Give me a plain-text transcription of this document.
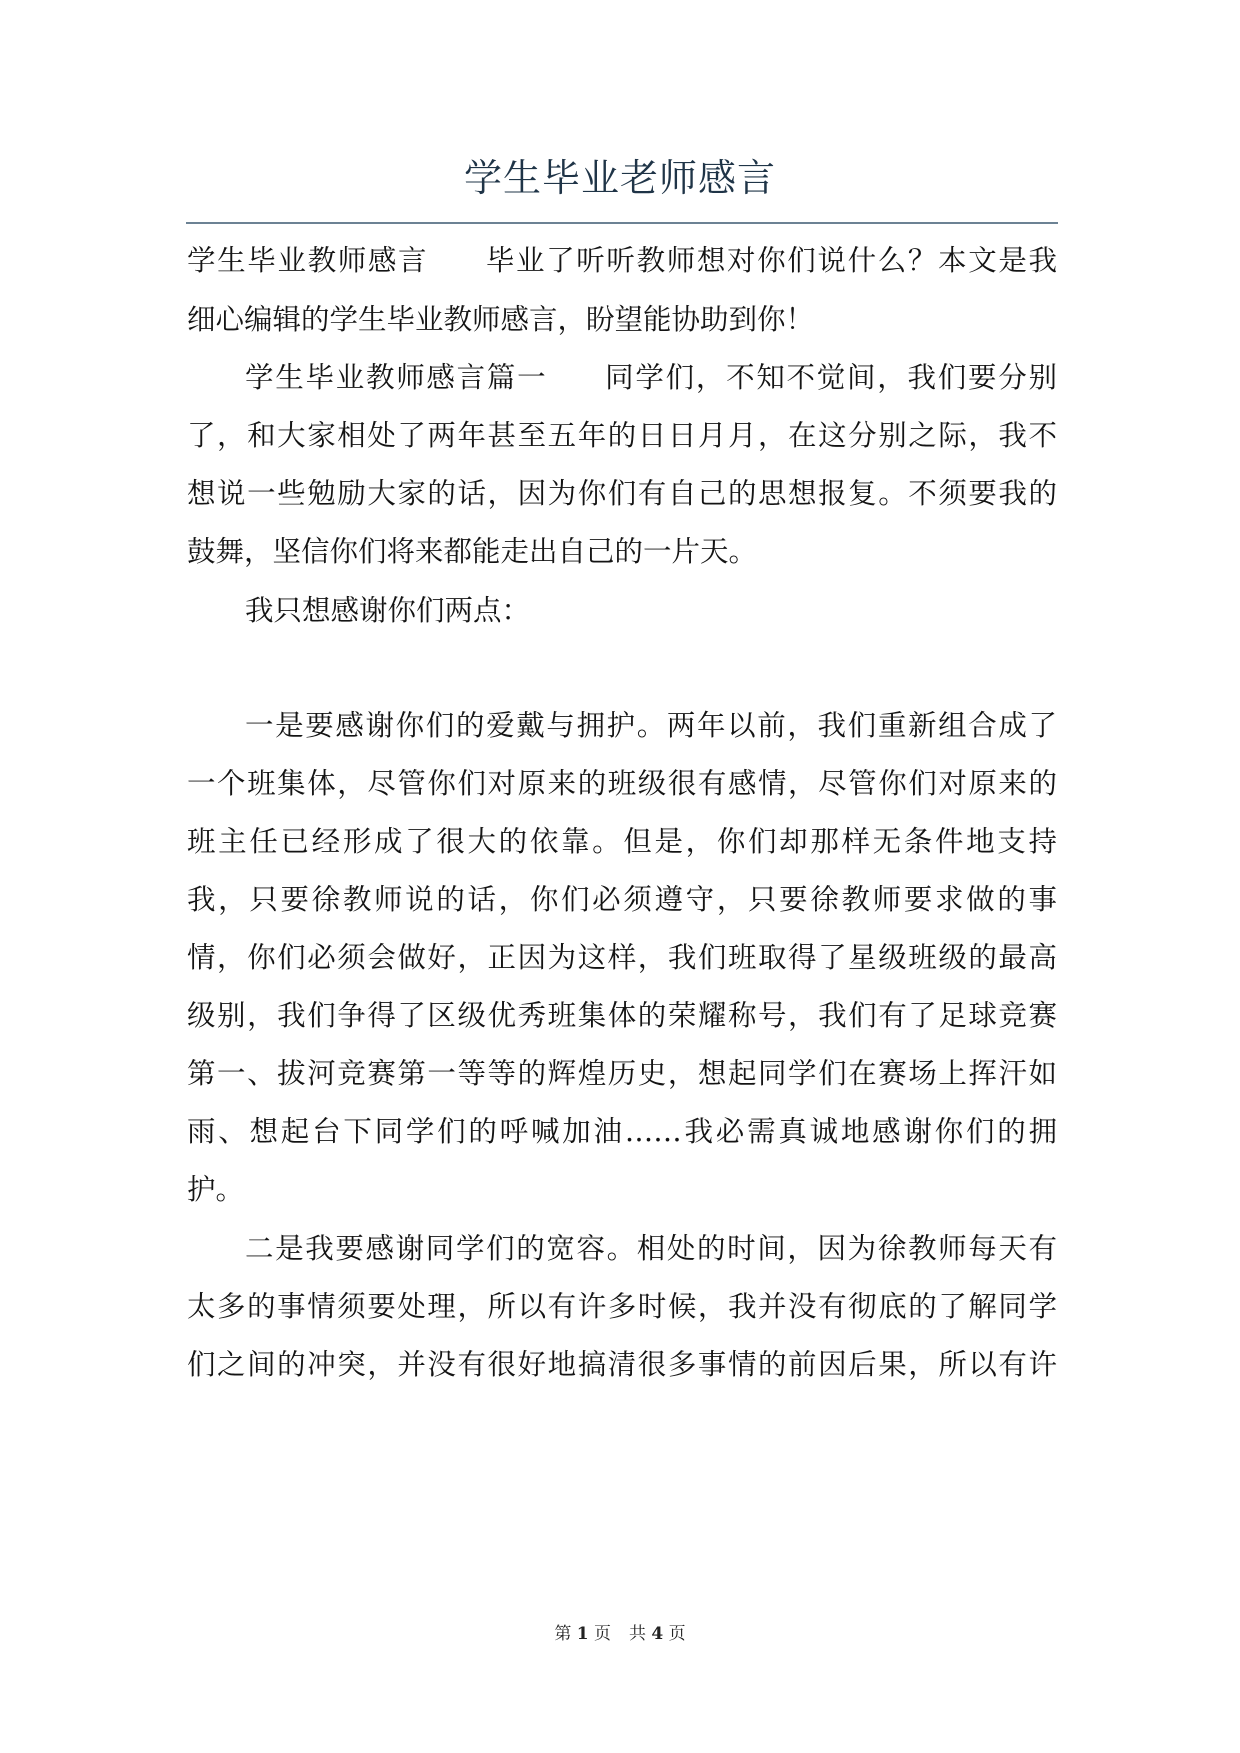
学生毕业老师感言
学生毕业教师感言 毕业了听听教师想对你们说什么？本文是我
细心编辑的学生毕业教师感言，盼望能协助到你！
学生毕业教师感言篇一 同学们，不知不觉间，我们要分别
了，和大家相处了两年甚至五年的日日月月，在这分别之际，我不
想说一些勉励大家的话，因为你们有自己的思想报复。不须要我的
鼓舞，坚信你们将来都能走出自己的一片天。
我只想感谢你们两点：
一是要感谢你们的爱戴与拥护。两年以前，我们重新组合成了
一个班集体，尽管你们对原来的班级很有感情，尽管你们对原来的
班主任已经形成了很大的依靠。但是，你们却那样无条件地支持
我，只要徐教师说的话，你们必须遵守，只要徐教师要求做的事
情，你们必须会做好，正因为这样，我们班取得了星级班级的最高
级别，我们争得了区级优秀班集体的荣耀称号，我们有了足球竞赛
第一、拔河竞赛第一等等的辉煌历史，想起同学们在赛场上挥汗如
雨、想起台下同学们的呼喊加油……我必需真诚地感谢你们的拥
护。
二是我要感谢同学们的宽容。相处的时间，因为徐教师每天有
太多的事情须要处理，所以有许多时候，我并没有彻底的了解同学
们之间的冲突，并没有很好地搞清很多事情的前因后果，所以有许
第 1 页 共 4 页
